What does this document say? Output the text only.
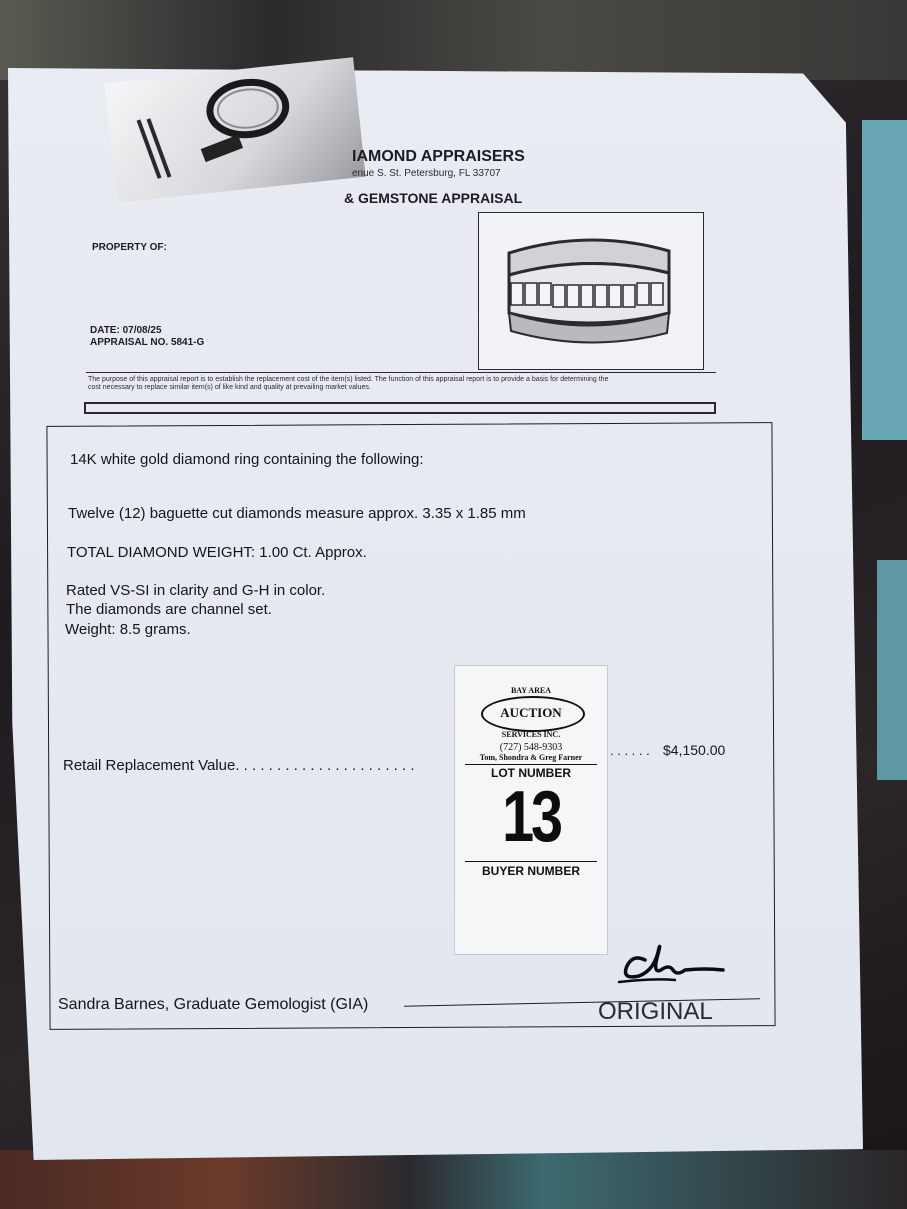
IAMOND APPRAISERS
enue S. St. Petersburg, FL 33707
& GEMSTONE APPRAISAL
PROPERTY OF:
DATE: 07/08/25
APPRAISAL NO. 5841-G
The purpose of this appraisal report is to establish the replacement cost of the item(s) listed. The function of this appraisal report is to provide a basis for determining the
cost necessary to replace similar item(s) of like kind and quality at prevailing market values.
14K white gold diamond ring containing the following:
Twelve (12) baguette cut diamonds measure approx. 3.35 x 1.85 mm
TOTAL DIAMOND WEIGHT: 1.00 Ct. Approx.
Rated VS-SI in clarity and G-H in color.
The diamonds are channel set.
Weight: 8.5 grams.
Retail Replacement Value. . . . . . . . . . . . . . . . . . . . . .
. . . . . . $4,150.00
BAY AREA
AUCTION
SERVICES INC.
(727) 548-9303
Tom, Shondra & Greg Farner
LOT NUMBER
13
BUYER NUMBER
Sandra Barnes, Graduate Gemologist (GIA)	ORIGINAL
